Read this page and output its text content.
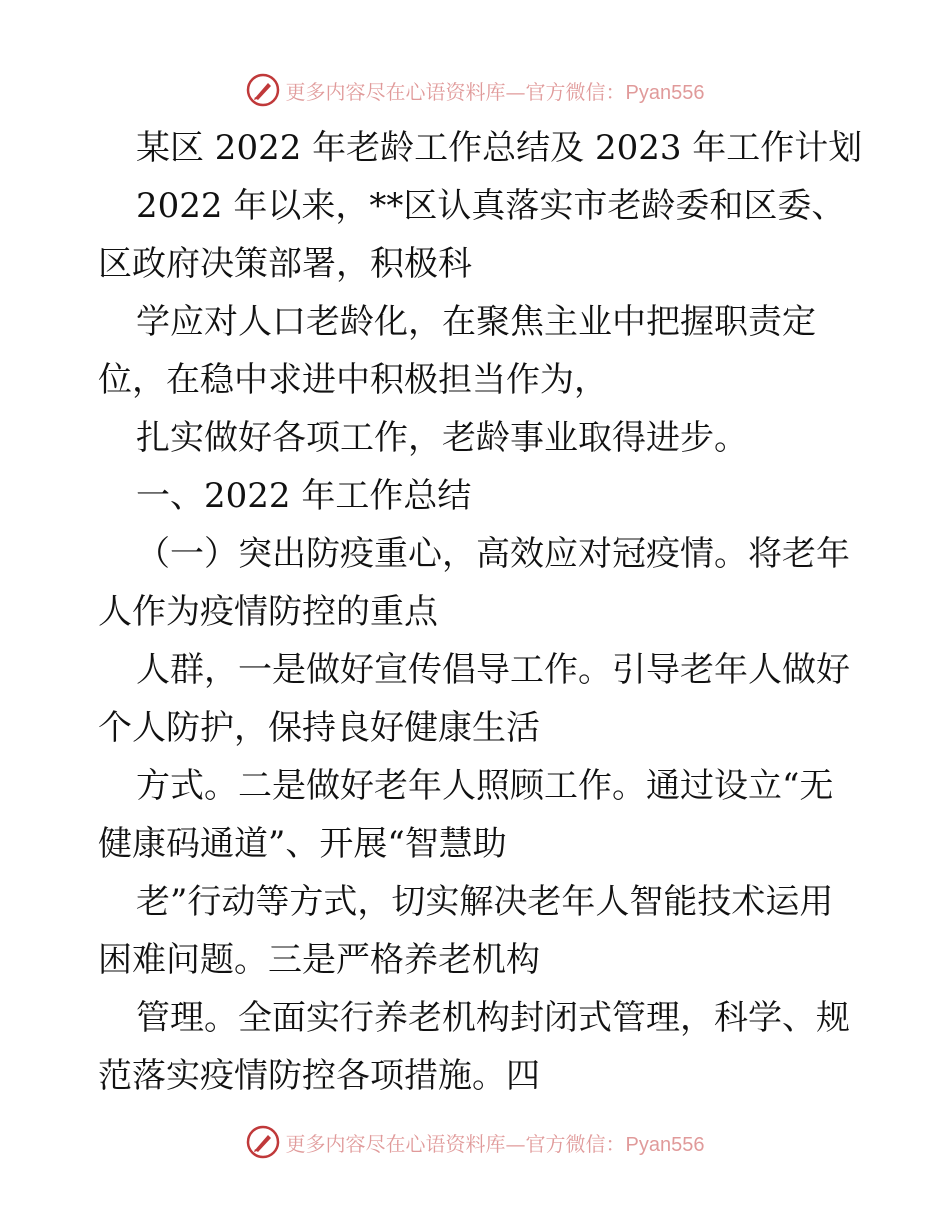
更多内容尽在心语资料库—官方微信：Pyan556
某区 2022 年老龄工作总结及 2023 年工作计划
2022 年以来，**区认真落实市老龄委和区委、
区政府决策部署，积极科
学应对人口老龄化，在聚焦主业中把握职责定
位，在稳中求进中积极担当作为，
扎实做好各项工作，老龄事业取得进步。
一、2022 年工作总结
（一）突出防疫重心，高效应对冠疫情。将老年
人作为疫情防控的重点
人群，一是做好宣传倡导工作。引导老年人做好
个人防护，保持良好健康生活
方式。二是做好老年人照顾工作。通过设立“无
健康码通道”、开展“智慧助
老”行动等方式，切实解决老年人智能技术运用
困难问题。三是严格养老机构
管理。全面实行养老机构封闭式管理，科学、规
范落实疫情防控各项措施。四
更多内容尽在心语资料库—官方微信：Pyan556
